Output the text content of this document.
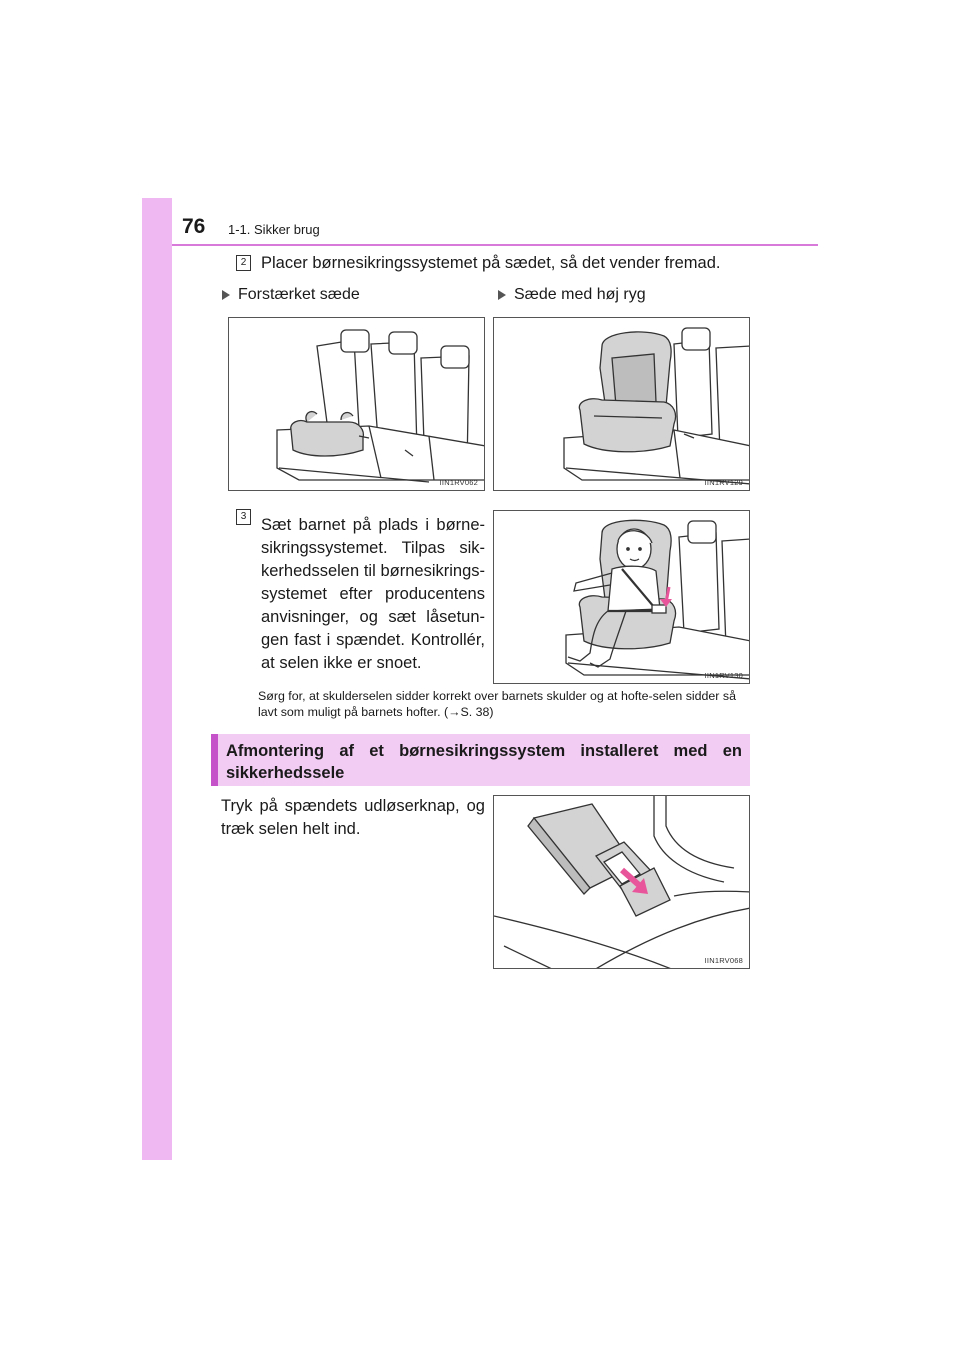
76 1-1. Sikker brug
2 Placer børnesikringssystemet på sædet, så det vender fremad.
Forstærket sæde	Sæde med høj ryg
IIN1RV062	IIN1RV129
3 Sæt barnet på plads i børne-sikringssystemet. Tilpas sik-kerhedsselen til børnesikrings-systemet efter producentens anvisninger, og sæt låsetun-gen fast i spændet. Kontrollér, at selen ikke er snoet.
IIN1RV130
Sørg for, at skulderselen sidder korrekt over barnets skulder og at hofte-selen sidder så lavt som muligt på barnets hofter. (→S. 38)
Afmontering af et børnesikringssystem installeret med en sikkerhedssele
Tryk på spændets udløserknap, og træk selen helt ind.
IIN1RV068
